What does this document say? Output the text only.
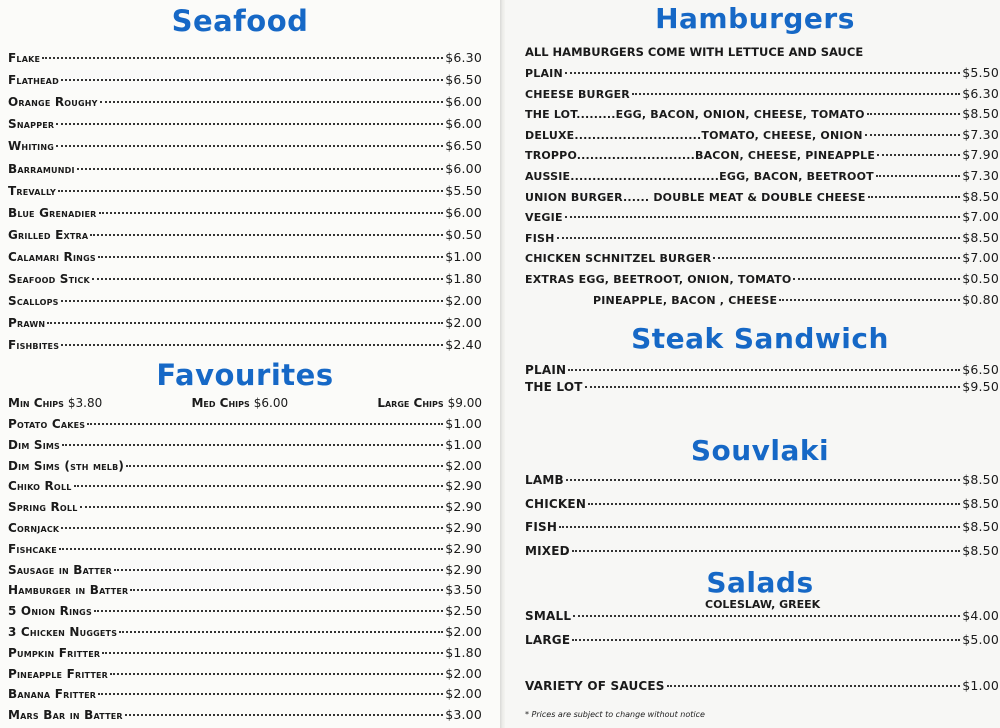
Seafood
Flake	$6.30
Flathead	$6.50
Orange Roughy	$6.00
Snapper	$6.00
Whiting	$6.50
Barramundi	$6.00
Trevally	$5.50
Blue Grenadier	$6.00
Grilled Extra	$0.50
Calamari Rings	$1.00
Seafood Stick	$1.80
Scallops	$2.00
Prawn	$2.00
Fishbites	$2.40
Favourites
Min Chips $3.80	Med Chips $6.00	Large Chips $9.00
Potato Cakes	$1.00
Dim Sims	$1.00
Dim Sims (sth melb)	$2.00
Chiko Roll	$2.90
Spring Roll	$2.90
Cornjack	$2.90
Fishcake	$2.90
Sausage in Batter	$2.90
Hamburger in Batter	$3.50
5 Onion Rings	$2.50
3 Chicken Nuggets	$2.00
Pumpkin Fritter	$1.80
Pineapple Fritter	$2.00
Banana Fritter	$2.00
Mars Bar in Batter	$3.00
Hamburgers
ALL HAMBURGERS COME WITH LETTUCE AND SAUCE
PLAIN	$5.50
CHEESE BURGER	$6.30
THE LOT.........EGG, BACON, ONION, CHEESE, TOMATO	$8.50
DELUXE.............................TOMATO, CHEESE, ONION	$7.30
TROPPO...........................BACON, CHEESE, PINEAPPLE	$7.90
AUSSIE..................................EGG, BACON, BEETROOT	$7.30
UNION BURGER...... DOUBLE MEAT & DOUBLE CHEESE	$8.50
VEGIE	$7.00
FISH	$8.50
CHICKEN SCHNITZEL BURGER	$7.00
EXTRAS EGG, BEETROOT, ONION, TOMATO	$0.50
PINEAPPLE, BACON , CHEESE	$0.80
Steak Sandwich
PLAIN	$6.50
THE LOT	$9.50
Souvlaki
LAMB	$8.50
CHICKEN	$8.50
FISH	$8.50
MIXED	$8.50
Salads
COLESLAW, GREEK
SMALL	$4.00
LARGE	$5.00
VARIETY OF SAUCES	$1.00
* Prices are subject to change without notice
